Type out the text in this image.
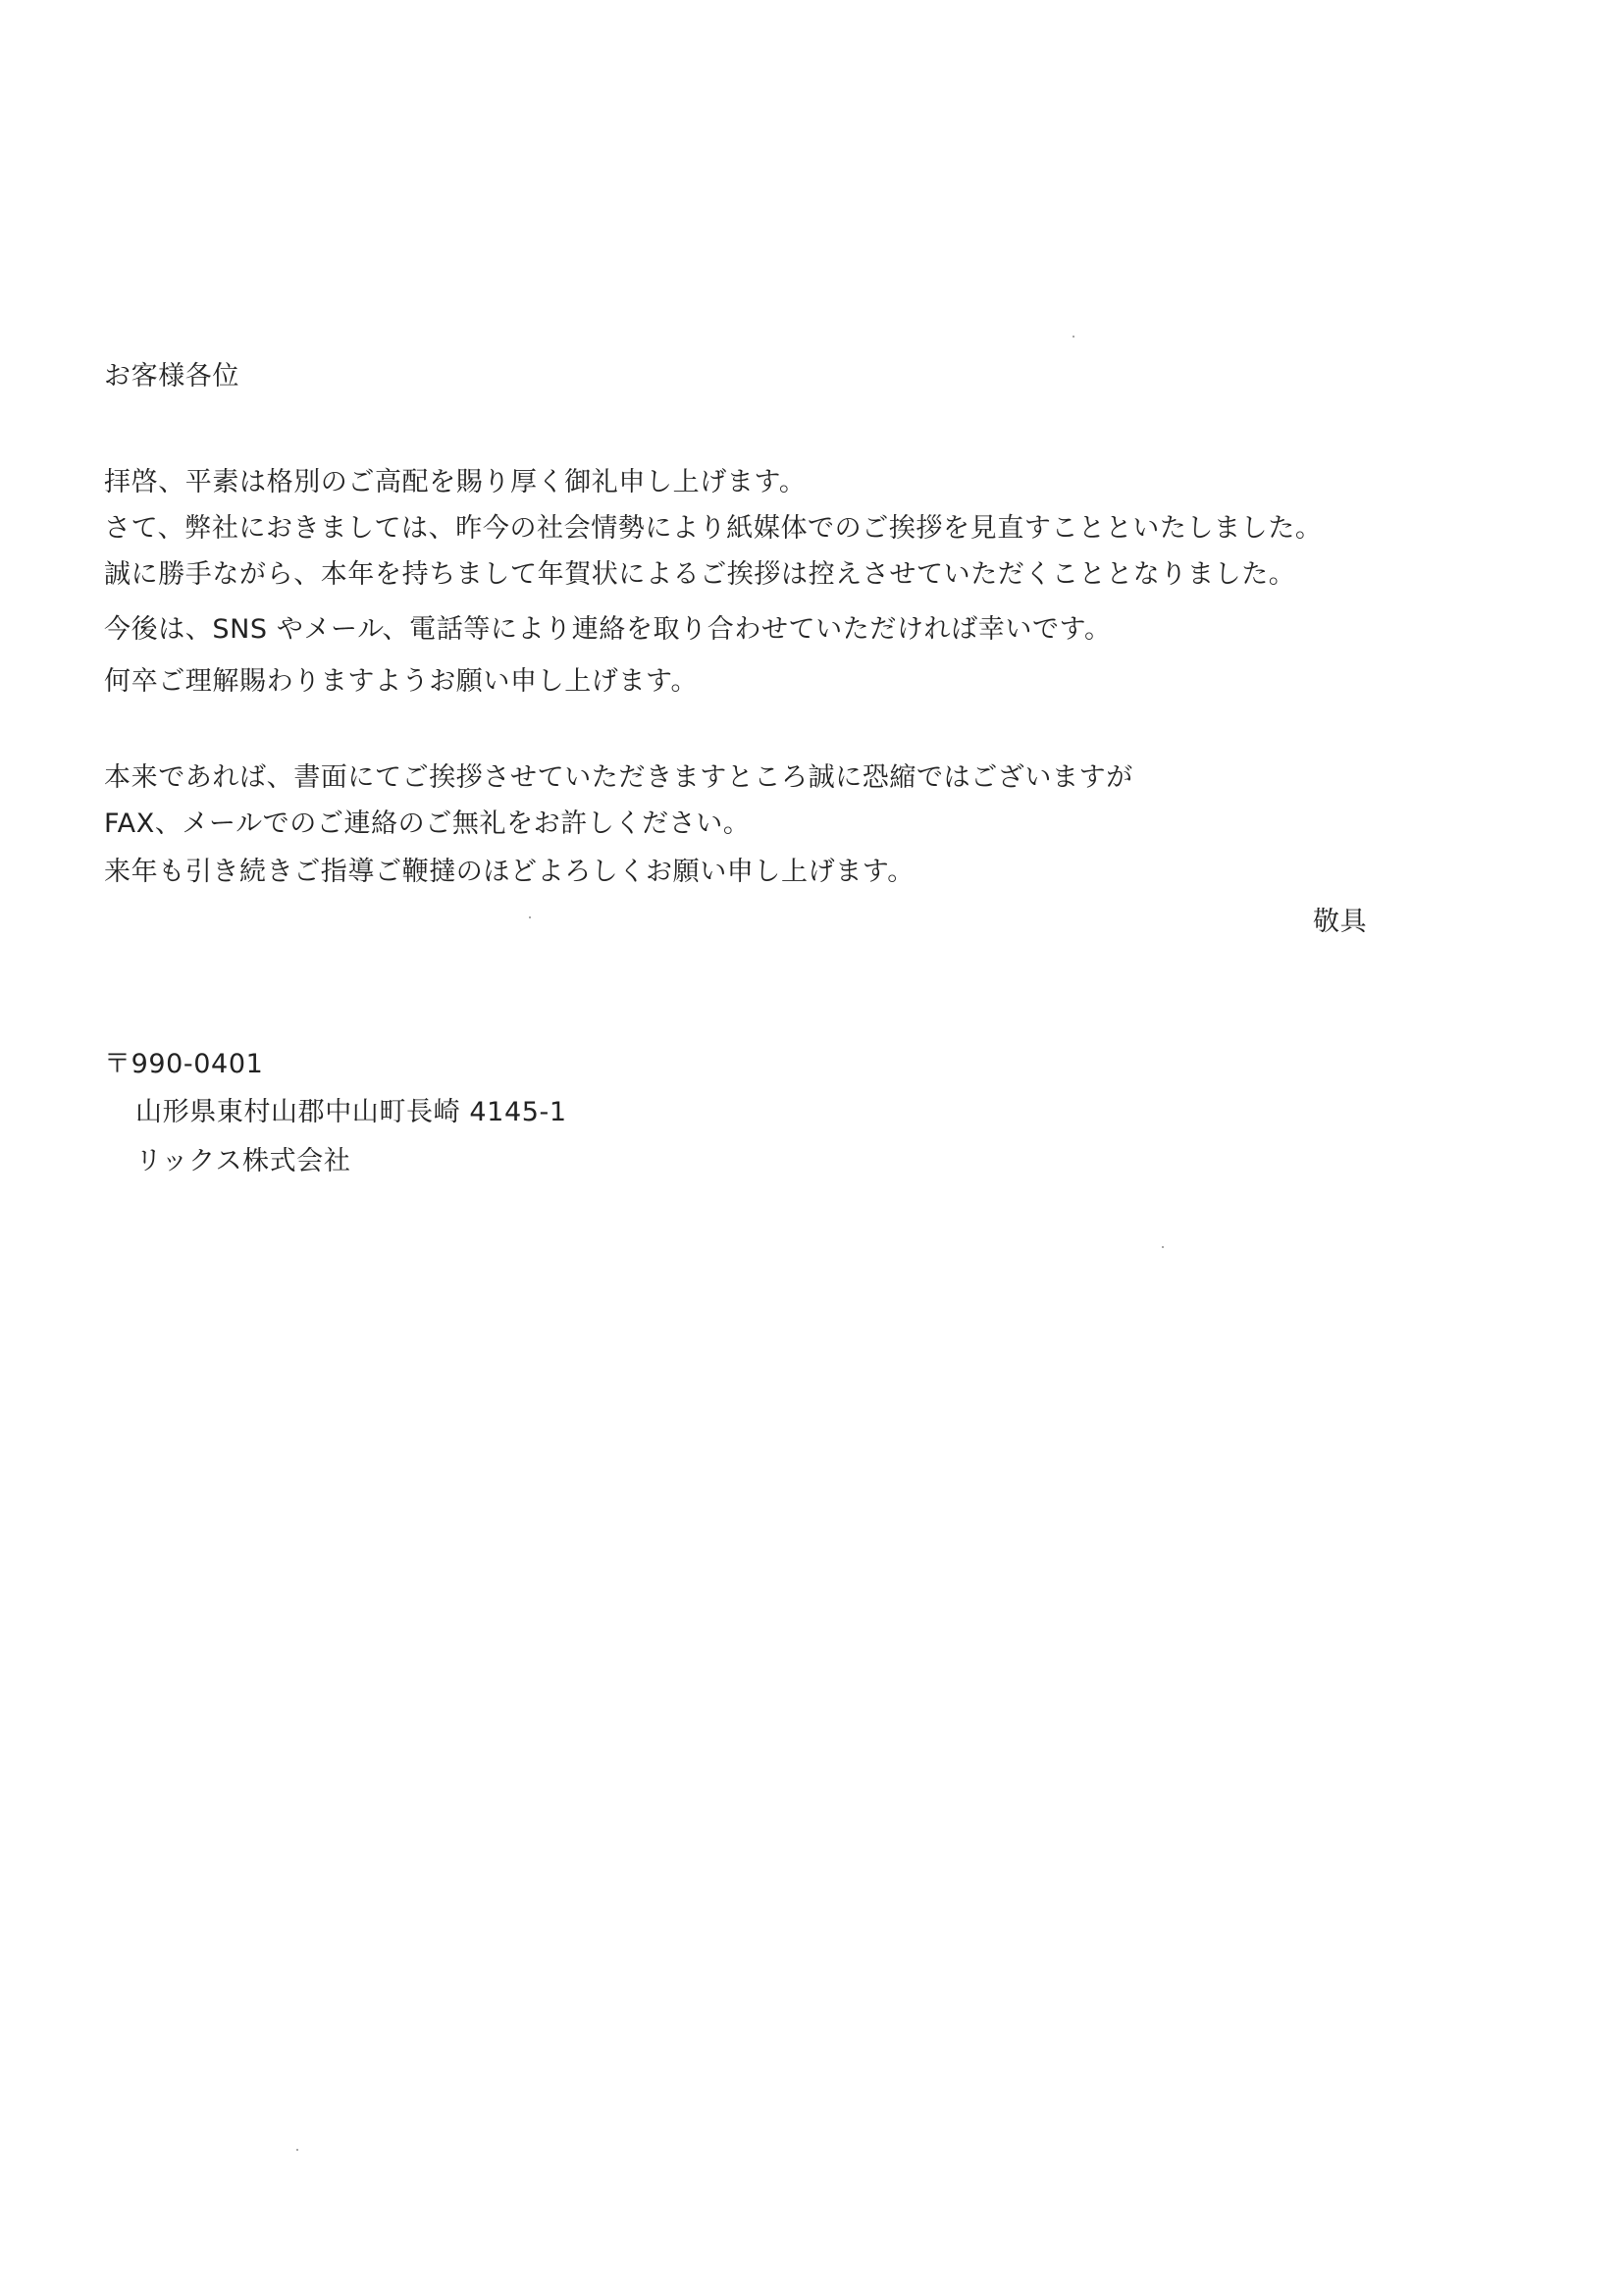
お客様各位
拝啓、平素は格別のご高配を賜り厚く御礼申し上げます。
さて、弊社におきましては、昨今の社会情勢により紙媒体でのご挨拶を見直すことといたしました。
誠に勝手ながら、本年を持ちまして年賀状によるご挨拶は控えさせていただくこととなりました。
今後は、SNS やメール、電話等により連絡を取り合わせていただければ幸いです。
何卒ご理解賜わりますようお願い申し上げます。
本来であれば、書面にてご挨拶させていただきますところ誠に恐縮ではございますが
FAX、メールでのご連絡のご無礼をお許しください。
来年も引き続きご指導ご鞭撻のほどよろしくお願い申し上げます。
敬具
〒990-0401
山形県東村山郡中山町長崎 4145-1
リックス株式会社
